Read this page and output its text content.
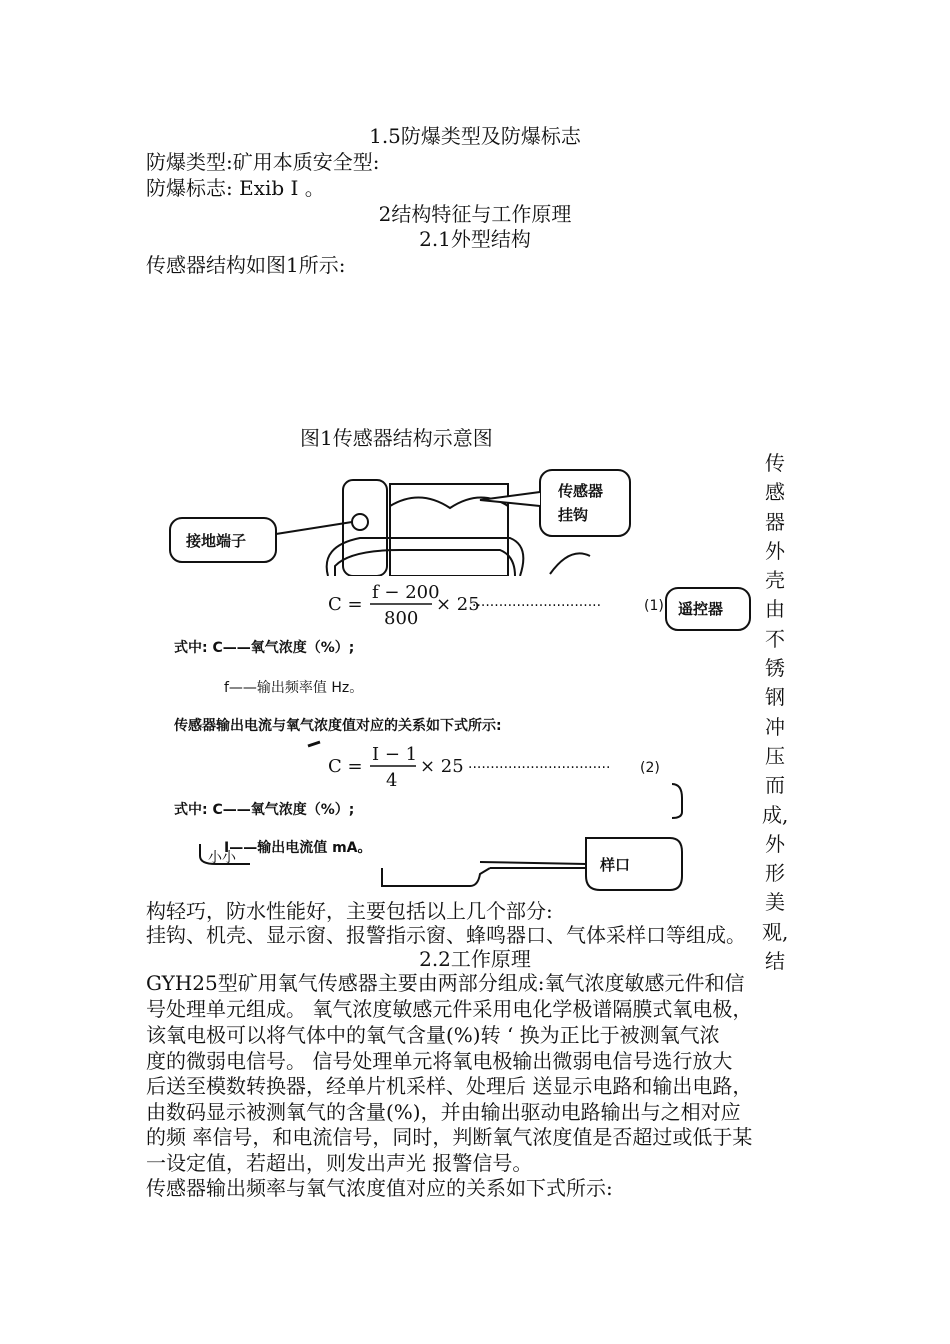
1.5防爆类型及防爆标志
防爆类型:矿用本质安全型:
防爆标志: Exib I 。
2结构特征与工作原理
2.1外型结构
传感器结构如图1所示:
图1传感器结构示意图
传感器外壳由不锈钢冲压而成,外形美观,结
传感器
挂钩
接地端子
C =
f − 200
800
× 25
·····························	(1) 遥控器
式中: C——氧气浓度（%）;
f——输出频率值 Hz。
传感器输出电流与氧气浓度值对应的关系如下式所示:
C =
I − 1
4
× 25 ································ (2)
式中: C——氧气浓度（%）;
I——输出电流值 mA。
小小	样口
构轻巧，防水性能好，主要包括以上几个部分:
挂钩、机壳、显示窗、报警指示窗、蜂鸣器口、气体采样口等组成。
2.2工作原理
GYH25型矿用氧气传感器主要由两部分组成:氧气浓度敏感元件和信
号处理单元组成。 氧气浓度敏感元件采用电化学极谱隔膜式氧电极，
该氧电极可以将气体中的氧气含量(%)转 ‘ 换为正比于被测氧气浓
度的微弱电信号。 信号处理单元将氧电极输出微弱电信号选行放大
后送至模数转换器，经单片机采样、处理后 送显示电路和输出电路，
由数码显示被测氧气的含量(%)，并由输出驱动电路输出与之相对应
的频 率信号，和电流信号，同时，判断氧气浓度值是否超过或低于某
一设定值，若超出，则发出声光 报警信号。
传感器输出频率与氧气浓度值对应的关系如下式所示:
